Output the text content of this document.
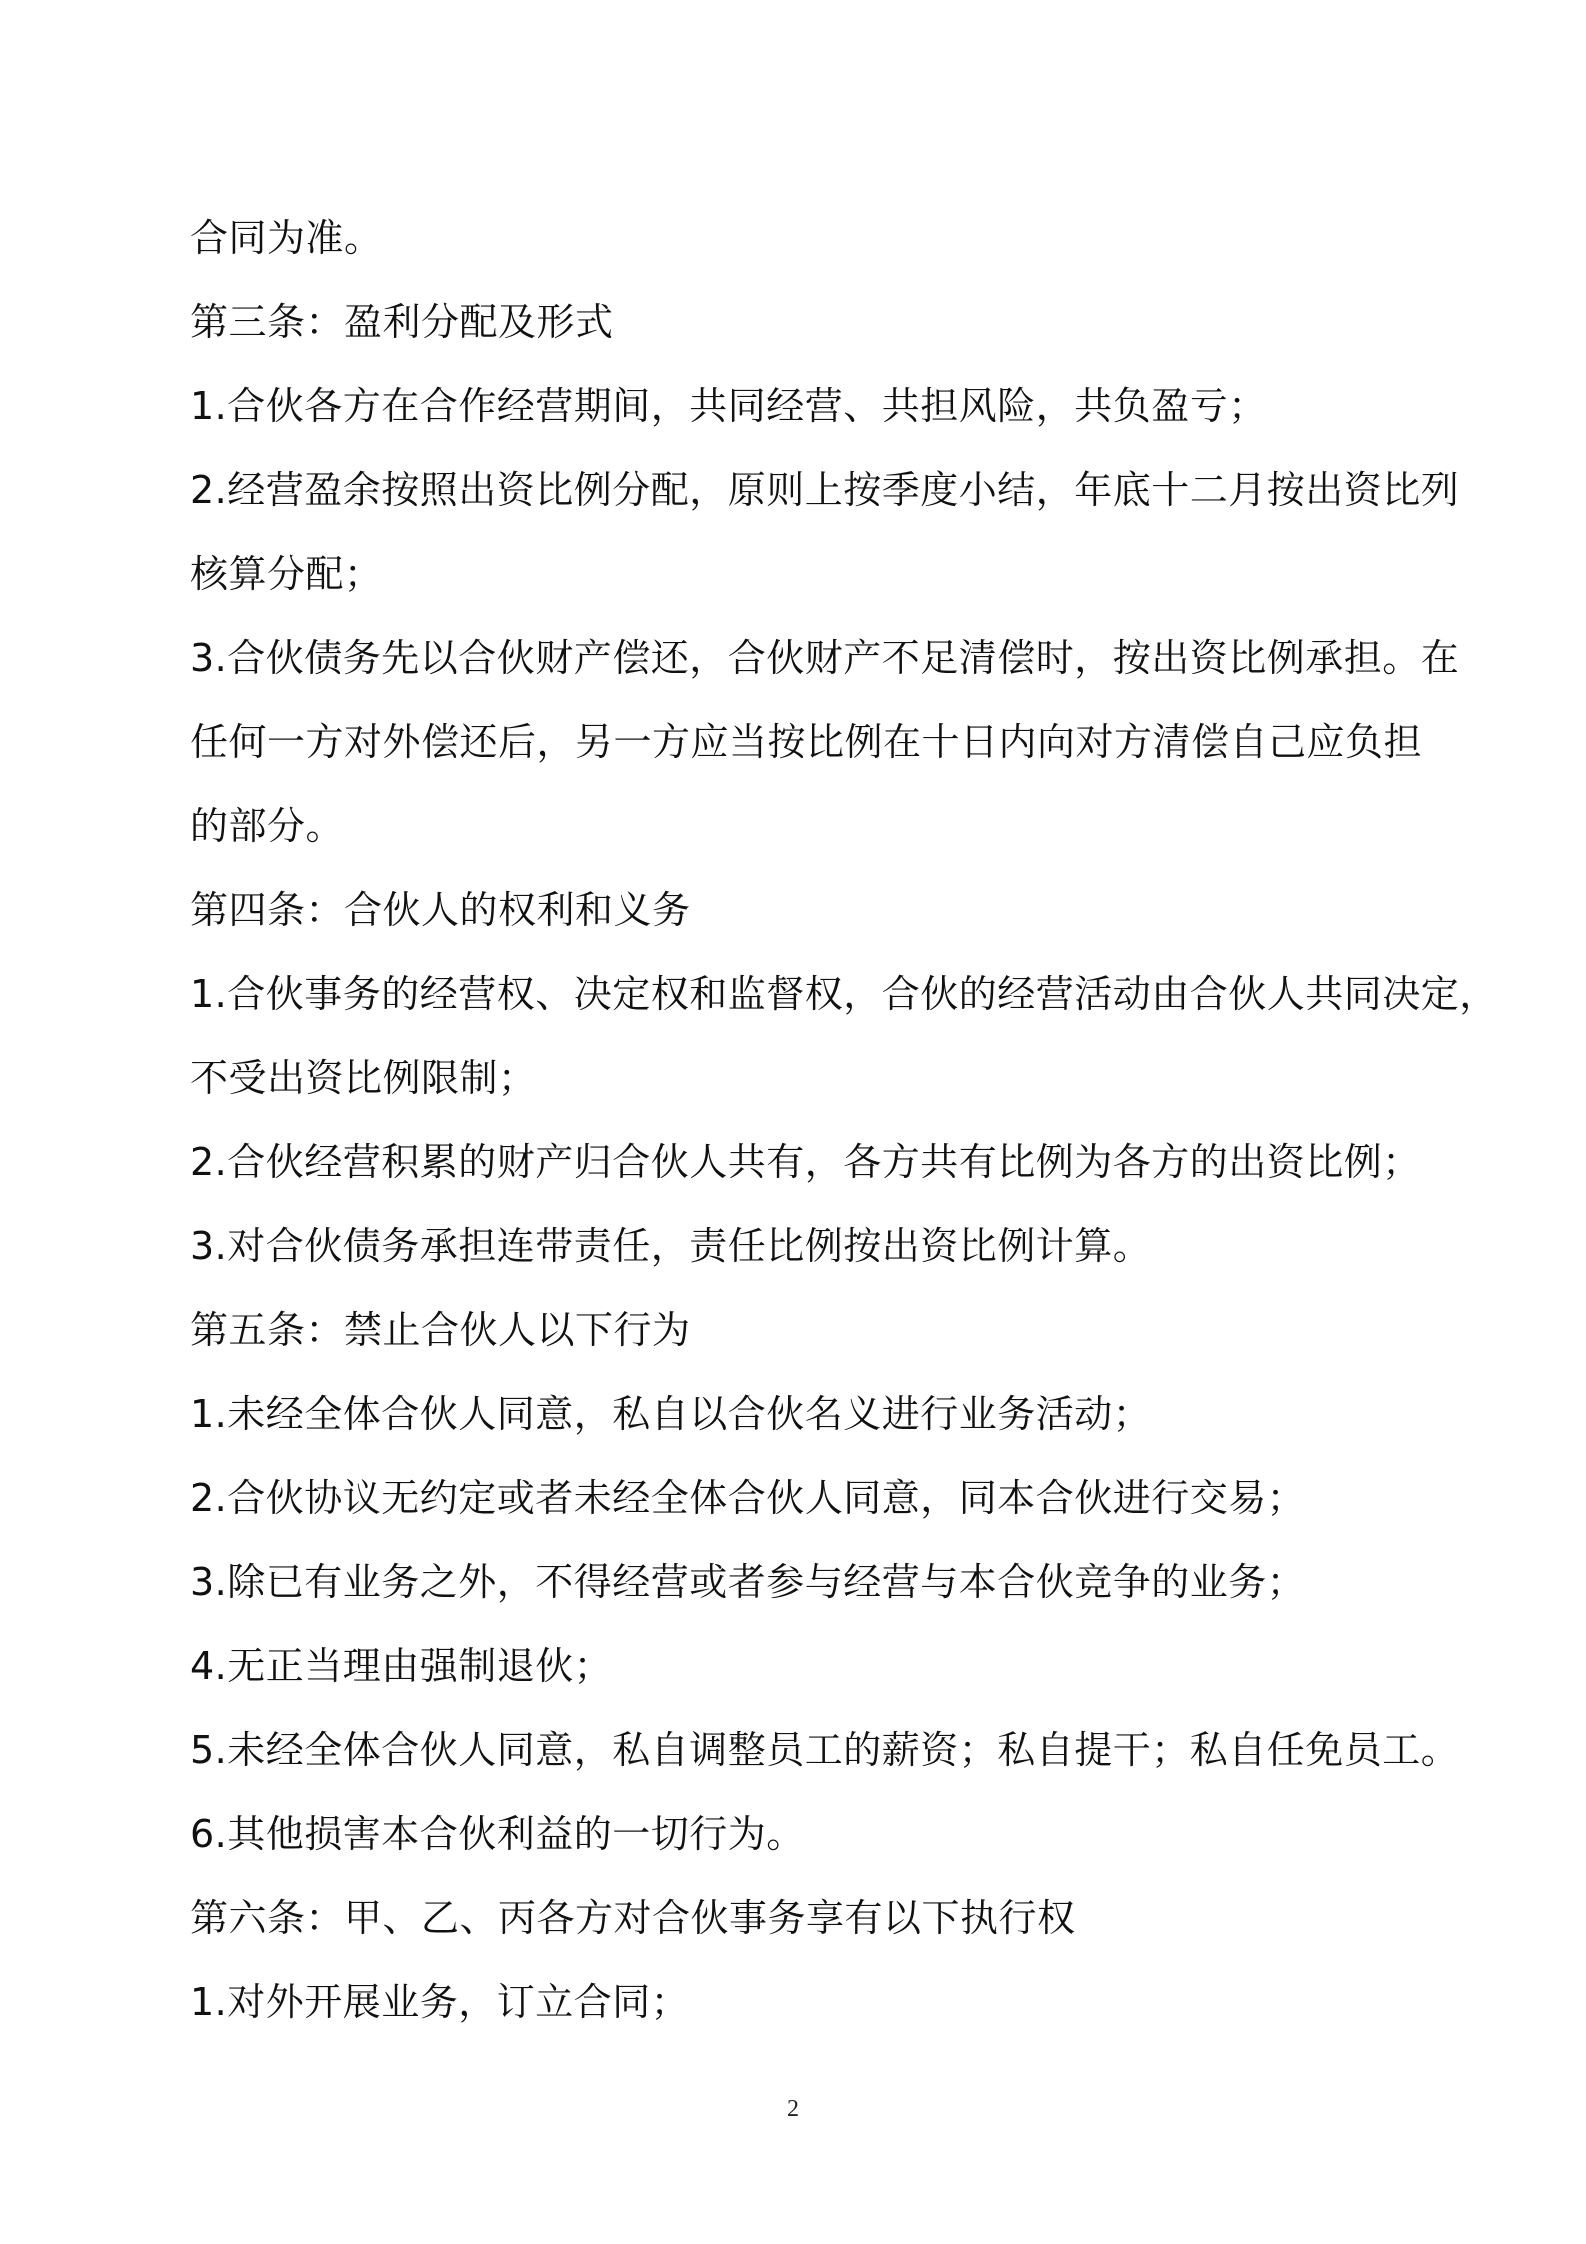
合同为准。
第三条：盈利分配及形式
1.合伙各方在合作经营期间，共同经营、共担风险，共负盈亏；
2.经营盈余按照出资比例分配，原则上按季度小结，年底十二月按出资比列
核算分配；
3.合伙债务先以合伙财产偿还，合伙财产不足清偿时，按出资比例承担。在
任何一方对外偿还后，另一方应当按比例在十日内向对方清偿自己应负担
的部分。
第四条：合伙人的权利和义务
1.合伙事务的经营权、决定权和监督权，合伙的经营活动由合伙人共同决定，
不受出资比例限制；
2.合伙经营积累的财产归合伙人共有，各方共有比例为各方的出资比例；
3.对合伙债务承担连带责任，责任比例按出资比例计算。
第五条：禁止合伙人以下行为
1.未经全体合伙人同意，私自以合伙名义进行业务活动；
2.合伙协议无约定或者未经全体合伙人同意，同本合伙进行交易；
3.除已有业务之外，不得经营或者参与经营与本合伙竞争的业务；
4.无正当理由强制退伙；
5.未经全体合伙人同意，私自调整员工的薪资；私自提干；私自任免员工。
6.其他损害本合伙利益的一切行为。
第六条：甲、乙、丙各方对合伙事务享有以下执行权
1.对外开展业务，订立合同；
2
